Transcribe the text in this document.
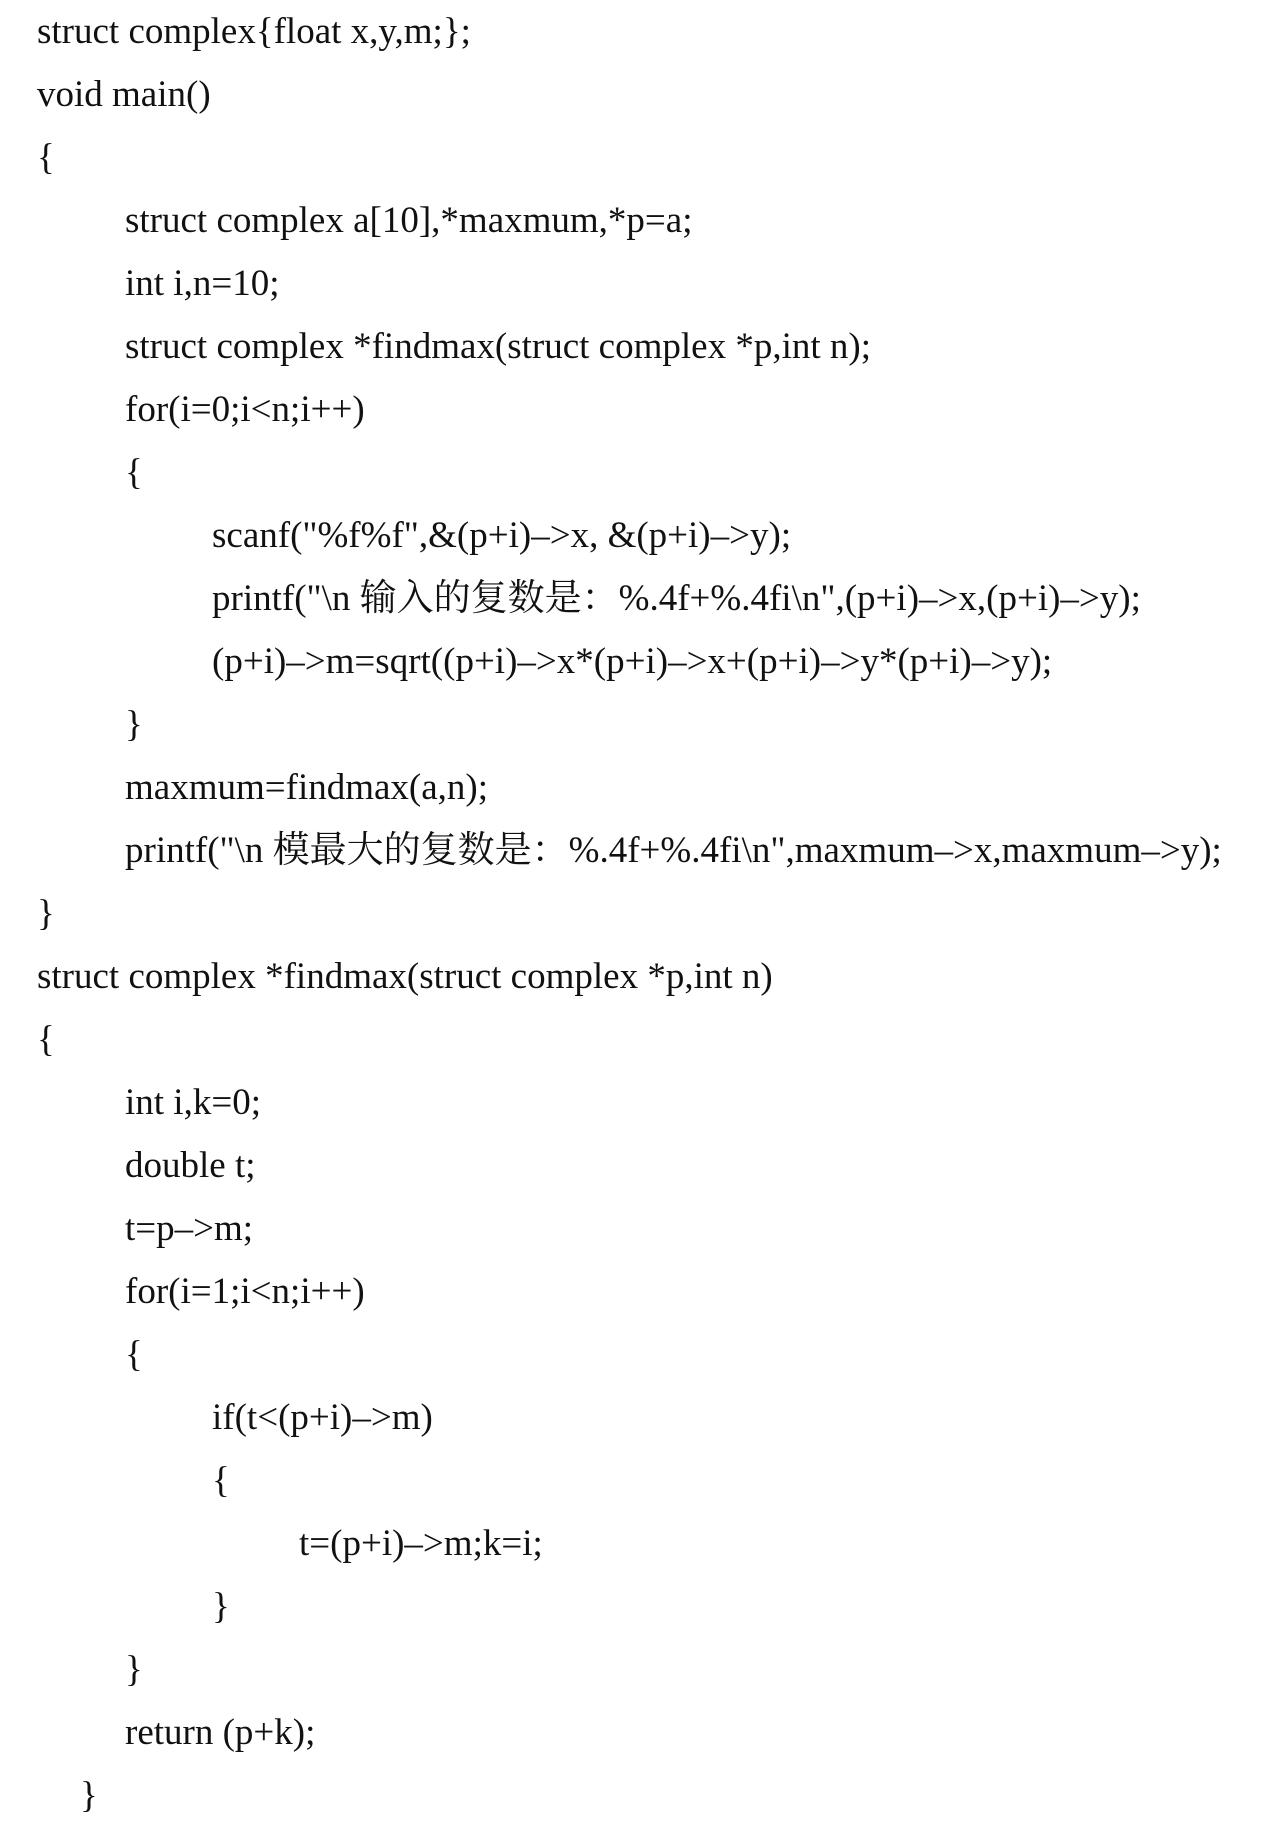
struct complex{float x,y,m;};
void main()
{
struct complex a[10],*maxmum,*p=a;
int i,n=10;
struct complex *findmax(struct complex *p,int n);
for(i=0;i<n;i++)
{
scanf("%f%f",&(p+i)–>x, &(p+i)–>y);
printf("\n 输入的复数是：%.4f+%.4fi\n",(p+i)–>x,(p+i)–>y);
(p+i)–>m=sqrt((p+i)–>x*(p+i)–>x+(p+i)–>y*(p+i)–>y);
}
maxmum=findmax(a,n);
printf("\n 模最大的复数是：%.4f+%.4fi\n",maxmum–>x,maxmum–>y);
}
struct complex *findmax(struct complex *p,int n)
{
int i,k=0;
double t;
t=p–>m;
for(i=1;i<n;i++)
{
if(t<(p+i)–>m)
{
t=(p+i)–>m;k=i;
}
}
return (p+k);
}
